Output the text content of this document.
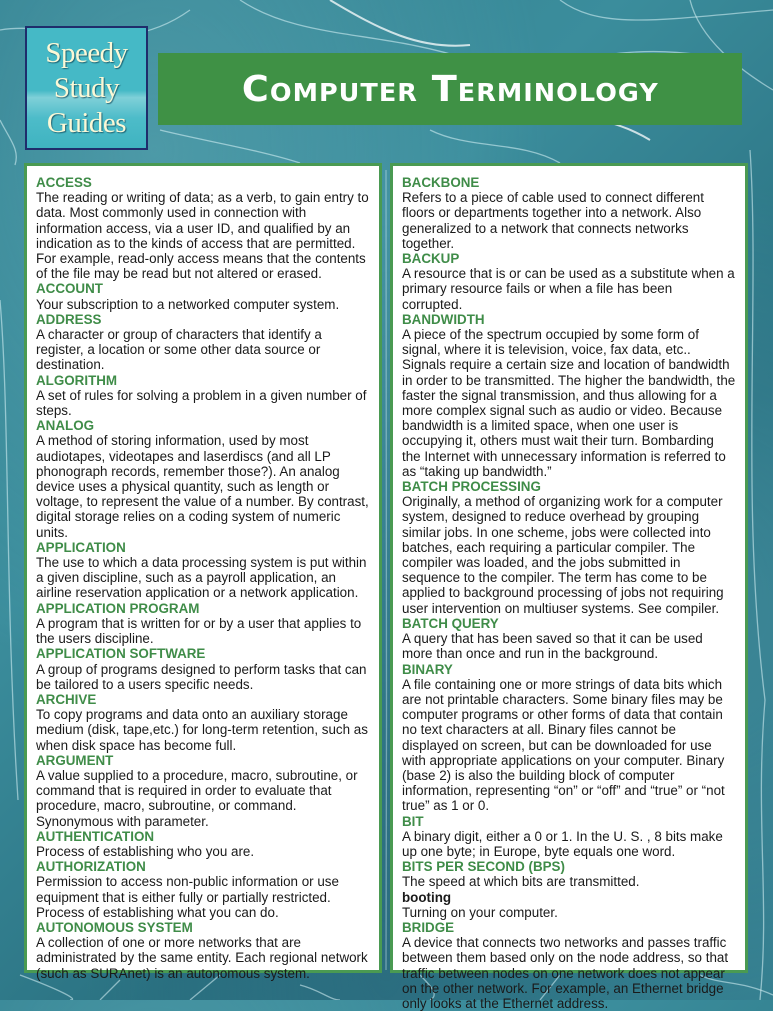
Speedy
Study
Guides
Computer Terminology

ACCESS

The reading or writing of data; as a verb, to gain entry to data. Most commonly used in connection with information access, via a user ID, and qualified by an indication as to the kinds of access that are permitted. For example, read-only access means that the contents of the file may be read but not altered or erased.

ACCOUNT

Your subscription to a networked computer system.

ADDRESS

A character or group of characters that identify a register, a location or some other data source or destination.

ALGORITHM

A set of rules for solving a problem in a given number of steps.

ANALOG

A method of storing information, used by most audiotapes, videotapes and laserdiscs (and all LP phonograph records, remember those?). An analog device uses a physical quantity, such as length or voltage, to represent the value of a number. By contrast, digital storage relies on a coding system of numeric units.

APPLICATION

The use to which a data processing system is put within a given discipline, such as a payroll application, an airline reservation application or a network application.

APPLICATION PROGRAM

A program that is written for or by a user that applies to the users discipline.

APPLICATION SOFTWARE

A group of programs designed to perform tasks that can be tailored to a users specific needs.

ARCHIVE

To copy programs and data onto an auxiliary storage medium (disk, tape,etc.) for long-term retention, such as when disk space has become full.

ARGUMENT

A value supplied to a procedure, macro, subroutine, or command that is required in order to evaluate that procedure, macro, subroutine, or command. Synonymous with parameter.

AUTHENTICATION

Process of establishing who you are.

AUTHORIZATION

Permission to access non-public information or use equipment that is either fully or partially restricted. Process of establishing what you can do.

AUTONOMOUS SYSTEM

A collection of one or more networks that are administrated by the same entity. Each regional network (such as SURAnet) is an autonomous system.

BACKBONE

Refers to a piece of cable used to connect different floors or departments together into a network. Also generalized to a network that connects networks together.

BACKUP

A resource that is or can be used as a substitute when a primary resource fails or when a file has been corrupted.

BANDWIDTH

A piece of the spectrum occupied by some form of signal, where it is television, voice, fax data, etc.. Signals require a certain size and location of bandwidth in order to be transmitted. The higher the bandwidth, the faster the signal transmission, and thus allowing for a more complex signal such as audio or video. Because bandwidth is a limited space, when one user is occupying it, others must wait their turn. Bombarding the Internet with unnecessary information is referred to as “taking up bandwidth.”

BATCH PROCESSING

Originally, a method of organizing work for a computer system, designed to reduce overhead by grouping similar jobs. In one scheme, jobs were collected into batches, each requiring a particular compiler. The compiler was loaded, and the jobs submitted in sequence to the compiler. The term has come to be applied to background processing of jobs not requiring user intervention on multiuser systems. See compiler.

BATCH QUERY

A query that has been saved so that it can be used more than once and run in the background.

BINARY

A file containing one or more strings of data bits which are not printable characters. Some binary files may be computer programs or other forms of data that contain no text characters at all. Binary files cannot be displayed on screen, but can be downloaded for use with appropriate applications on your computer. Binary (base 2) is also the building block of computer information, representing “on” or “off” and “true” or “not true” as 1 or 0.

BIT

A binary digit, either a 0 or 1. In the U. S. , 8 bits make up one byte; in Europe, byte equals one word.

BITS PER SECOND (BPS)

The speed at which bits are transmitted.

booting

Turning on your computer.

BRIDGE

A device that connects two networks and passes traffic between them based only on the node address, so that traffic between nodes on one network does not appear on the other network. For example, an Ethernet bridge only looks at the Ethernet address.
